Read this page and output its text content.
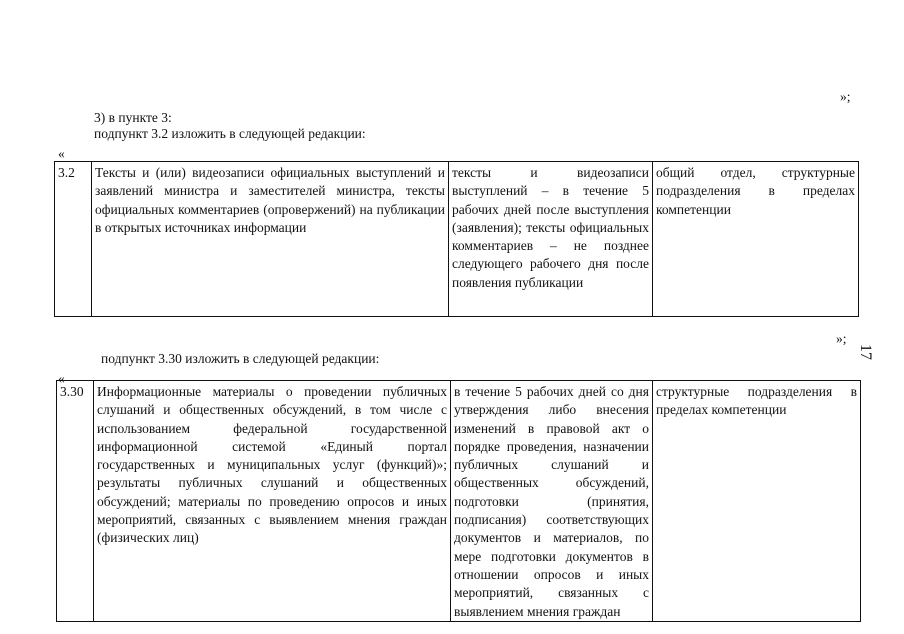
»;
3) в пункте 3:
подпункт 3.2 изложить в следующей редакции:
«
3.2	Тексты и (или) видеозаписи официальных выступлений и заявлений министра и заместителей министра, тексты официальных комментариев (опровержений) на публикации в открытых источниках информации	тексты и видеозаписи выступлений – в течение 5 рабочих дней после выступления (заявления); тексты официальных комментариев – не позднее следующего рабочего дня после появления публикации	общий отдел, структурные подразделения в пределах компетенции
»;
подпункт 3.30 изложить в следующей редакции:
«
17
3.30	Информационные материалы о проведении публичных слушаний и общественных обсуждений, в том числе с использованием федеральной государственной информационной системой «Единый портал государственных и муниципальных услуг (функций)»; результаты публичных слушаний и общественных обсуждений; материалы по проведению опросов и иных мероприятий, связанных с выявлением мнения граждан (физических лиц)	в течение 5 рабочих дней со дня утверждения либо внесения изменений в правовой акт о порядке проведения, назначении публичных слушаний и общественных обсуждений, подготовки (принятия, подписания) соответствующих документов и материалов, по мере подготовки документов в отношении опросов и иных мероприятий, связанных с выявлением мнения граждан	структурные подразделения в пределах компетенции
